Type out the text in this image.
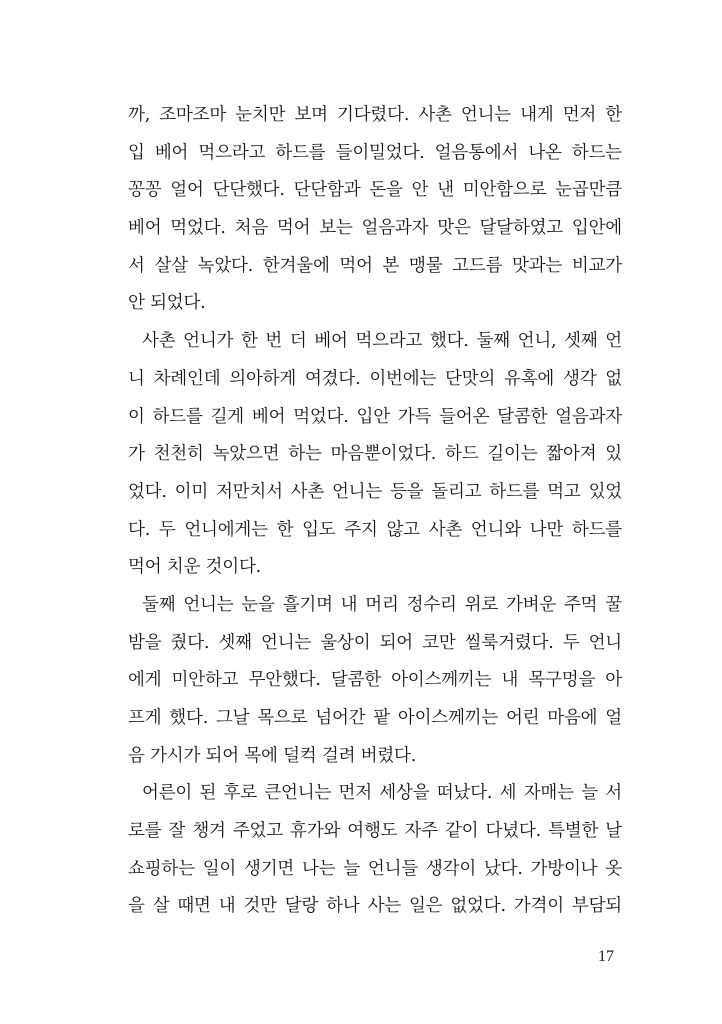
까, 조마조마 눈치만 보며 기다렸다. 사촌 언니는 내게 먼저 한
입 베어 먹으라고 하드를 들이밀었다. 얼음통에서 나온 하드는
꽁꽁 얼어 단단했다. 단단함과 돈을 안 낸 미안함으로 눈곱만큼
베어 먹었다. 처음 먹어 보는 얼음과자 맛은 달달하였고 입안에
서 살살 녹았다. 한겨울에 먹어 본 맹물 고드름 맛과는 비교가
안 되었다.
사촌 언니가 한 번 더 베어 먹으라고 했다. 둘째 언니, 셋째 언
니 차례인데 의아하게 여겼다. 이번에는 단맛의 유혹에 생각 없
이 하드를 길게 베어 먹었다. 입안 가득 들어온 달콤한 얼음과자
가 천천히 녹았으면 하는 마음뿐이었다. 하드 길이는 짧아져 있
었다. 이미 저만치서 사촌 언니는 등을 돌리고 하드를 먹고 있었
다. 두 언니에게는 한 입도 주지 않고 사촌 언니와 나만 하드를
먹어 치운 것이다.
둘째 언니는 눈을 흘기며 내 머리 정수리 위로 가벼운 주먹 꿀
밤을 줬다. 셋째 언니는 울상이 되어 코만 씰룩거렸다. 두 언니
에게 미안하고 무안했다. 달콤한 아이스께끼는 내 목구멍을 아
프게 했다. 그날 목으로 넘어간 팥 아이스께끼는 어린 마음에 얼
음 가시가 되어 목에 덜컥 걸려 버렸다.
어른이 된 후로 큰언니는 먼저 세상을 떠났다. 세 자매는 늘 서
로를 잘 챙겨 주었고 휴가와 여행도 자주 같이 다녔다. 특별한 날
쇼핑하는 일이 생기면 나는 늘 언니들 생각이 났다. 가방이나 옷
을 살 때면 내 것만 달랑 하나 사는 일은 없었다. 가격이 부담되
17
